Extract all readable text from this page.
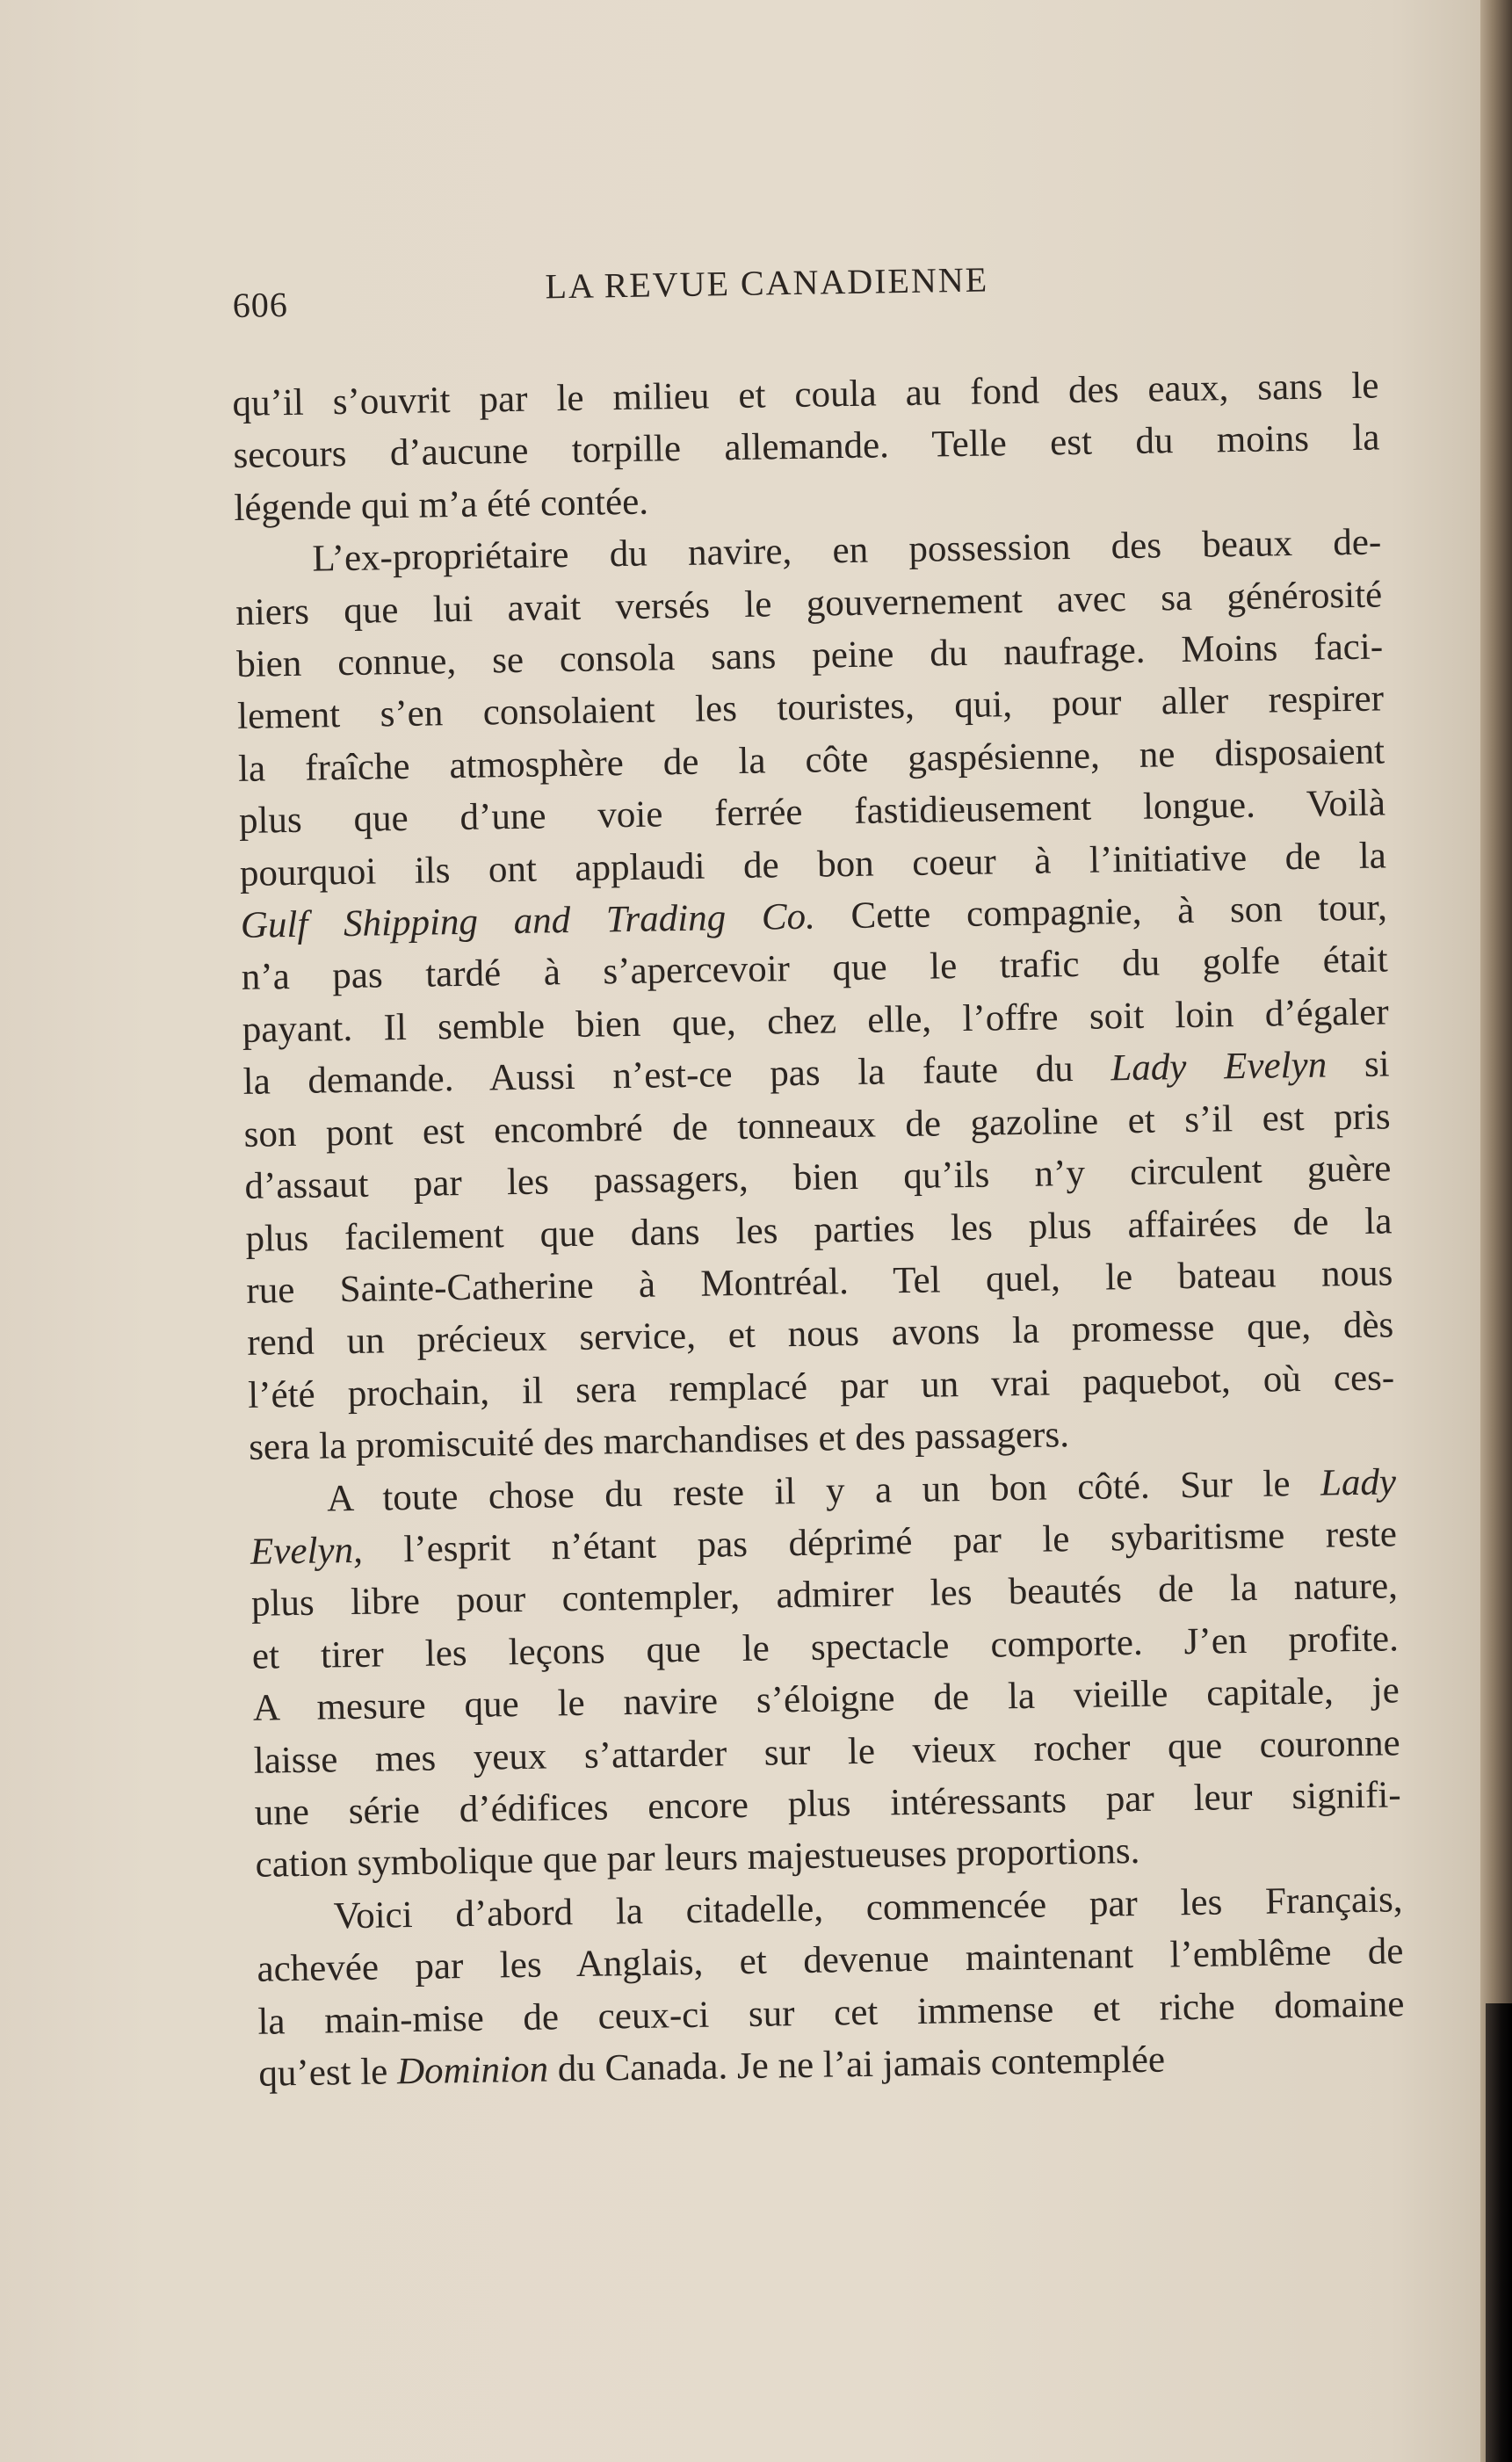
606	LA REVUE CANADIENNE
qu’il s’ouvrit par le milieu et coula au fond des eaux, sans le
secours d’aucune torpille allemande. Telle est du moins la
légende qui m’a été contée.
L’ex-propriétaire du navire, en possession des beaux de-
niers que lui avait versés le gouvernement avec sa générosité
bien connue, se consola sans peine du naufrage. Moins faci-
lement s’en consolaient les touristes, qui, pour aller respirer
la fraîche atmosphère de la côte gaspésienne, ne disposaient
plus que d’une voie ferrée fastidieusement longue. Voilà
pourquoi ils ont applaudi de bon coeur à l’initiative de la
Gulf Shipping and Trading Co. Cette compagnie, à son tour,
n’a pas tardé à s’apercevoir que le trafic du golfe était
payant. Il semble bien que, chez elle, l’offre soit loin d’égaler
la demande. Aussi n’est-ce pas la faute du Lady Evelyn si
son pont est encombré de tonneaux de gazoline et s’il est pris
d’assaut par les passagers, bien qu’ils n’y circulent guère
plus facilement que dans les parties les plus affairées de la
rue Sainte-Catherine à Montréal. Tel quel, le bateau nous
rend un précieux service, et nous avons la promesse que, dès
l’été prochain, il sera remplacé par un vrai paquebot, où ces-
sera la promiscuité des marchandises et des passagers.
A toute chose du reste il y a un bon côté. Sur le Lady
Evelyn, l’esprit n’étant pas déprimé par le sybaritisme reste
plus libre pour contempler, admirer les beautés de la nature,
et tirer les leçons que le spectacle comporte. J’en profite.
A mesure que le navire s’éloigne de la vieille capitale, je
laisse mes yeux s’attarder sur le vieux rocher que couronne
une série d’édifices encore plus intéressants par leur signifi-
cation symbolique que par leurs majestueuses proportions.
Voici d’abord la citadelle, commencée par les Français,
achevée par les Anglais, et devenue maintenant l’emblême de
la main-mise de ceux-ci sur cet immense et riche domaine
qu’est le Dominion du Canada. Je ne l’ai jamais contemplée
